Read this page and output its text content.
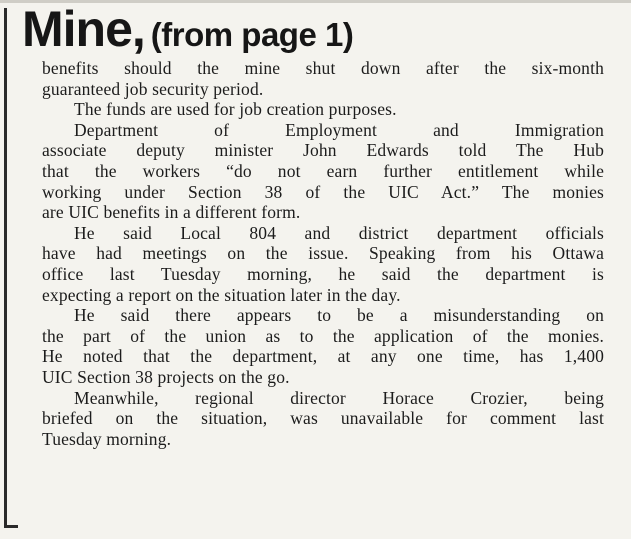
Mine, (from page 1)

benefits should the mine shut down after the six-month
guaranteed job security period.

The funds are used for job creation purposes.

Department of Employment and Immigration
associate deputy minister John Edwards told The Hub
that the workers “do not earn further entitlement while
working under Section 38 of the UIC Act.” The monies
are UIC benefits in a different form.

He said Local 804 and district department officials
have had meetings on the issue. Speaking from his Ottawa
office last Tuesday morning, he said the department is
expecting a report on the situation later in the day.

He said there appears to be a misunderstanding on
the part of the union as to the application of the monies.
He noted that the department, at any one time, has 1,400
UIC Section 38 projects on the go.

Meanwhile, regional director Horace Crozier, being
briefed on the situation, was unavailable for comment last
Tuesday morning.
